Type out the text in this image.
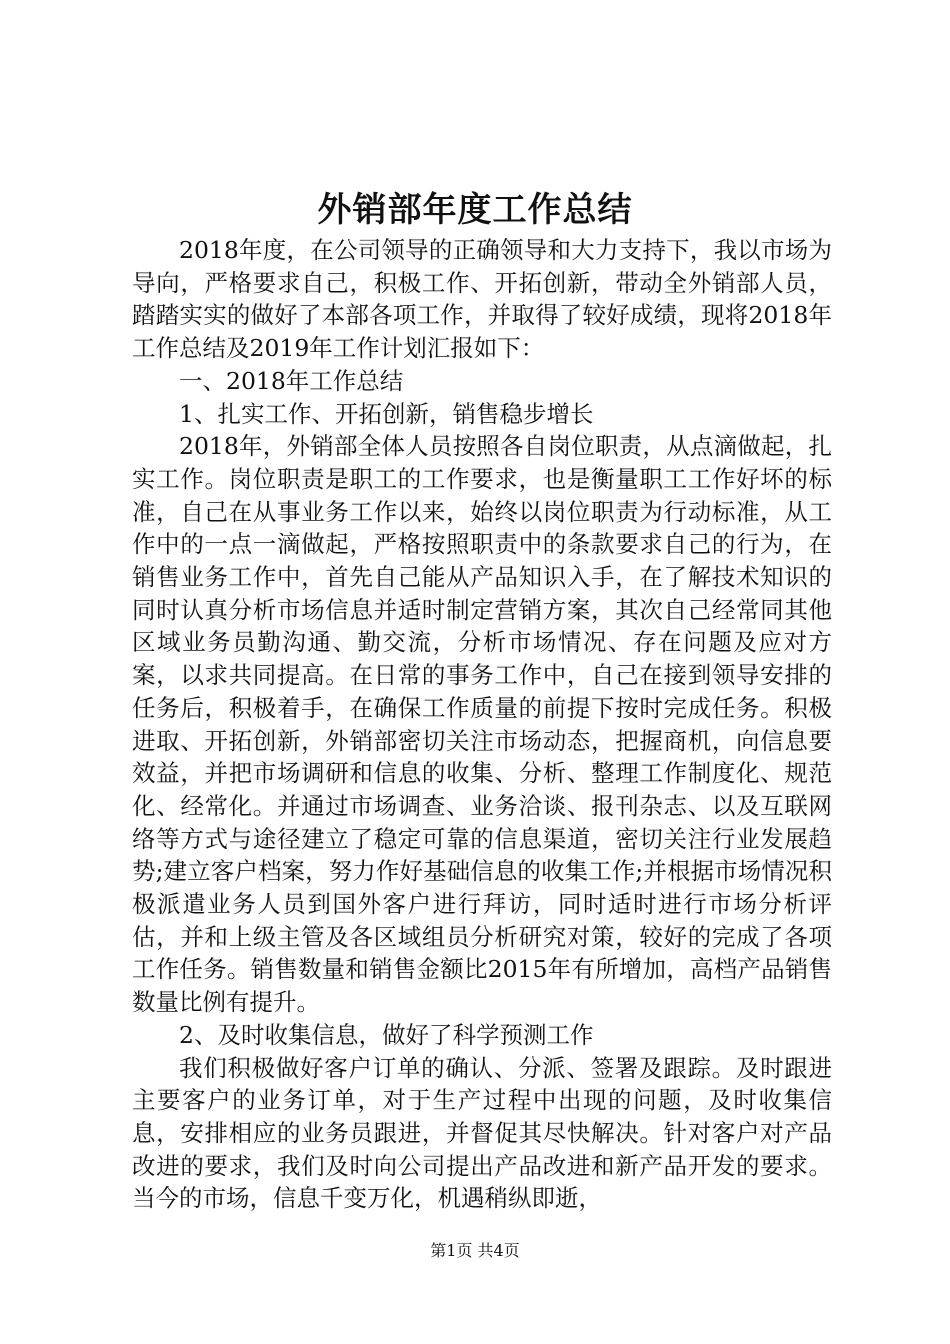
外销部年度工作总结

2018年度，在公司领导的正确领导和大力支持下，我以市场为导向，严格要求自己，积极工作、开拓创新，带动全外销部人员，踏踏实实的做好了本部各项工作，并取得了较好成绩，现将2018年工作总结及2019年工作计划汇报如下：

一、2018年工作总结

1、扎实工作、开拓创新，销售稳步增长

2018年，外销部全体人员按照各自岗位职责，从点滴做起，扎实工作。岗位职责是职工的工作要求，也是衡量职工工作好坏的标准，自己在从事业务工作以来，始终以岗位职责为行动标准，从工作中的一点一滴做起，严格按照职责中的条款要求自己的行为，在销售业务工作中，首先自己能从产品知识入手，在了解技术知识的同时认真分析市场信息并适时制定营销方案，其次自己经常同其他区域业务员勤沟通、勤交流，分析市场情况、存在问题及应对方案，以求共同提高。在日常的事务工作中，自己在接到领导安排的任务后，积极着手，在确保工作质量的前提下按时完成任务。积极进取、开拓创新，外销部密切关注市场动态，把握商机，向信息要效益，并把市场调研和信息的收集、分析、整理工作制度化、规范化、经常化。并通过市场调查、业务洽谈、报刊杂志、以及互联网络等方式与途径建立了稳定可靠的信息渠道，密切关注行业发展趋势;建立客户档案，努力作好基础信息的收集工作;并根据市场情况积极派遣业务人员到国外客户进行拜访，同时适时进行市场分析评估，并和上级主管及各区域组员分析研究对策，较好的完成了各项工作任务。销售数量和销售金额比2015年有所增加，高档产品销售数量比例有提升。

2、及时收集信息，做好了科学预测工作

我们积极做好客户订单的确认、分派、签署及跟踪。及时跟进主要客户的业务订单，对于生产过程中出现的问题，及时收集信息，安排相应的业务员跟进，并督促其尽快解决。针对客户对产品改进的要求，我们及时向公司提出产品改进和新产品开发的要求。当今的市场，信息千变万化，机遇稍纵即逝，

第1页 共4页
